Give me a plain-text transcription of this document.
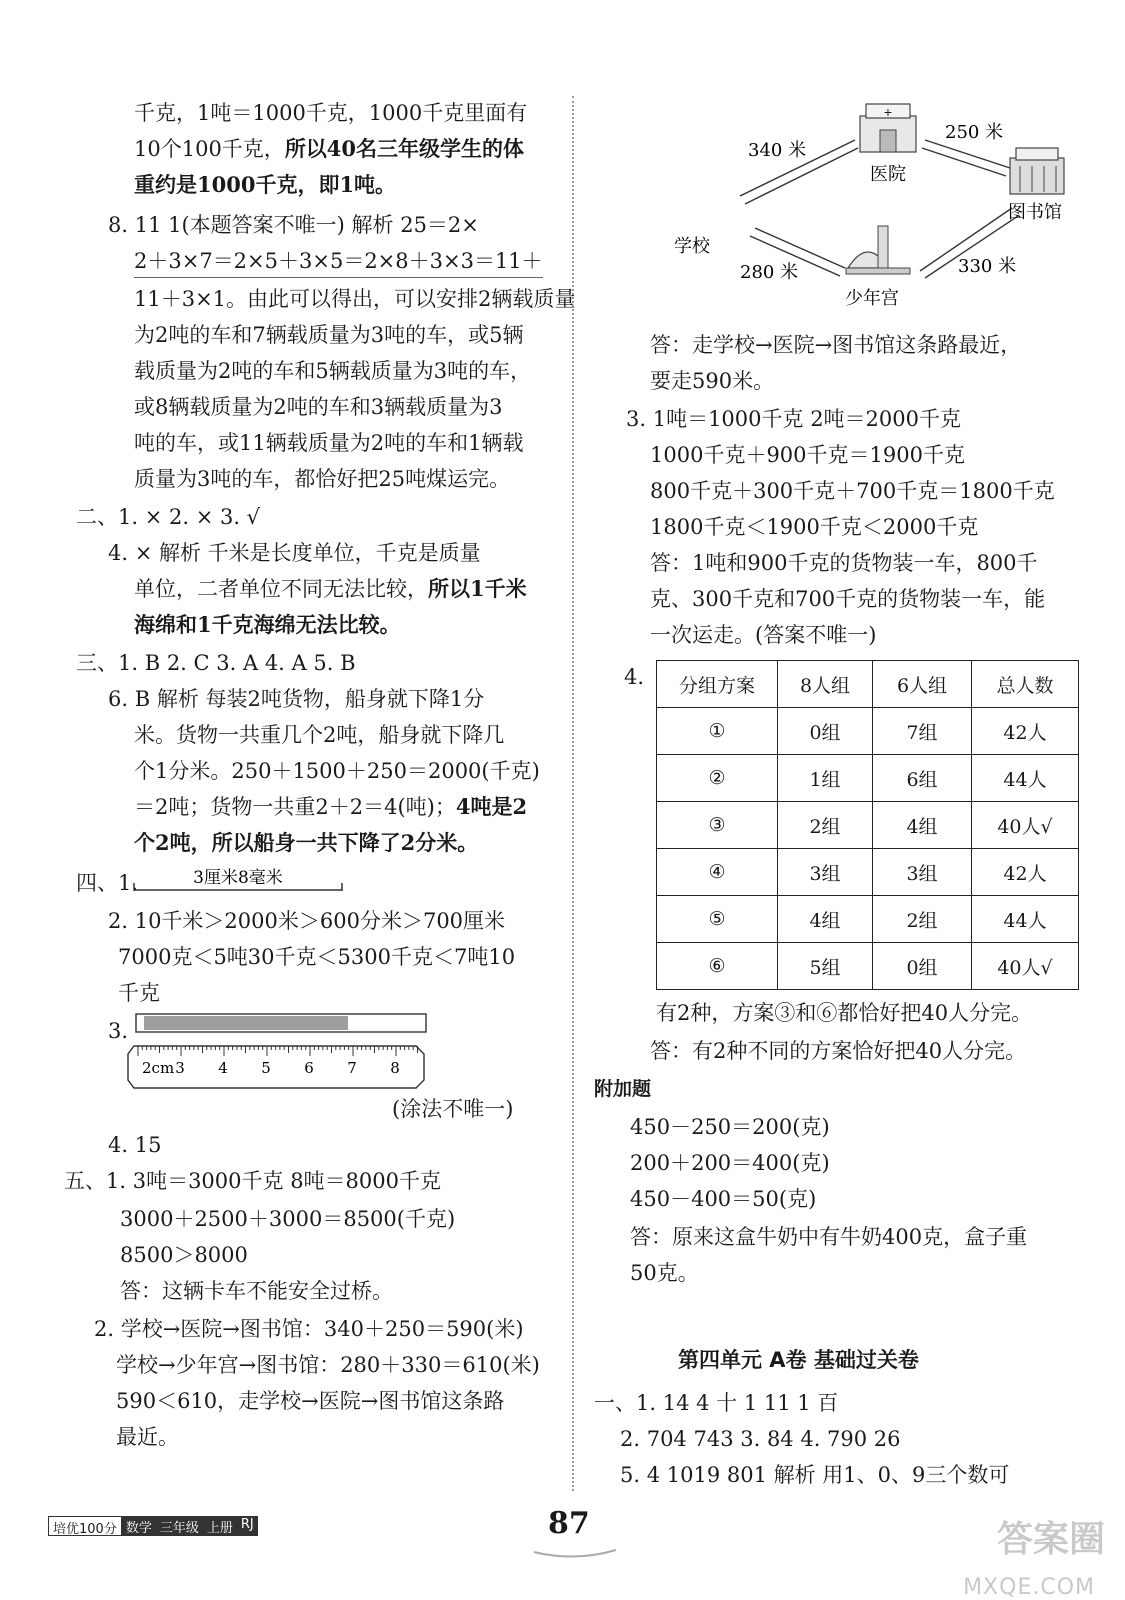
千克，1吨＝1000千克，1000千克里面有
10个100千克，所以40名三年级学生的体
重约是1000千克，即1吨。
8. 11 1(本题答案不唯一) 解析 25＝2×
2＋3×7＝2×5＋3×5＝2×8＋3×3＝11＋
11＋3×1。由此可以得出，可以安排2辆载质量
为2吨的车和7辆载质量为3吨的车，或5辆
载质量为2吨的车和5辆载质量为3吨的车，
或8辆载质量为2吨的车和3辆载质量为3
吨的车，或11辆载质量为2吨的车和1辆载
质量为3吨的车，都恰好把25吨煤运完。
二、1. × 2. × 3. √
4. × 解析 千米是长度单位，千克是质量
单位，二者单位不同无法比较，所以1千米
海绵和1千克海绵无法比较。
三、1. B 2. C 3. A 4. A 5. B
6. B 解析 每装2吨货物，船身就下降1分
米。货物一共重几个2吨，船身就下降几
个1分米。250＋1500＋250＝2000(千克)
＝2吨；货物一共重2＋2＝4(吨)；4吨是2
个2吨，所以船身一共下降了2分米。
四、1.	3厘米8毫米
2. 10千米＞2000米＞600分米＞700厘米
7000克＜5吨30千克＜5300千克＜7吨10
千克
3.
2cm 3 4 5 6 7 8
(涂法不唯一)
4. 15
五、1. 3吨＝3000千克 8吨＝8000千克
3000＋2500＋3000＝8500(千克)
8500＞8000
答：这辆卡车不能安全过桥。
2. 学校→医院→图书馆：340＋250＝590(米)
学校→少年宫→图书馆：280＋330＝610(米)
590＜610，走学校→医院→图书馆这条路
最近。
+
340 米
250 米
280 米	330 米
医院
图书馆
学校
少年宫
答：走学校→医院→图书馆这条路最近，
要走590米。
3. 1吨＝1000千克 2吨＝2000千克
1000千克＋900千克＝1900千克
800千克＋300千克＋700千克＝1800千克
1800千克＜1900千克＜2000千克
答：1吨和900千克的货物装一车，800千
克、300千克和700千克的货物装一车，能
一次运走。(答案不唯一)
4. 分组方案	8人组	6人组	总人数
①	0组	7组	42人
②	1组	6组	44人
③	2组	4组	40人√
④	3组	3组	42人
⑤	4组	2组	44人
⑥	5组	0组	40人√
有2种，方案③和⑥都恰好把40人分完。
答：有2种不同的方案恰好把40人分完。
附加题
450－250＝200(克)
200＋200＝400(克)
450－400＝50(克)
答：原来这盒牛奶中有牛奶400克，盒子重
50克。
第四单元 A卷 基础过关卷
一、1. 14 4 十 1 11 1 百
2. 704 743 3. 84 4. 790 26
5. 4 1019 801 解析 用1、0、9三个数可
培优100分 数学 三年级 上册 RJ	87	答案圈
MXQE.COM
